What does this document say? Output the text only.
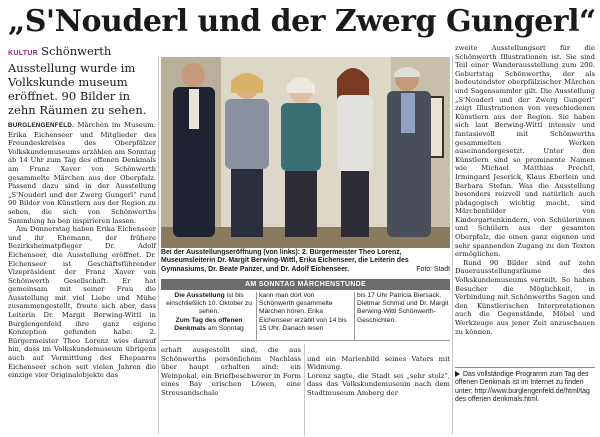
„S'Nouderl und der Zwerg Gungerl“
KULTUR Schönwerth Ausstellung wurde im Volkskunde museum eröffnet. 90 Bilder in zehn Räumen zu sehen.

BURGLENGENFELD. Märchen im Museum: Erika Eichenseer und Mitglieder des Freundeskreises des Oberpfälzer Volkskundemuseums erzählen am Sonntag ab 14 Uhr zum Tag des offenen Denkmals am Franz Xaver von Schönwerth gesammelte Märchen aus der Oberpfalz. Passend dazu sind in der Ausstellung „S'Nouderl und der Zwerg Gungerl“ rund 90 Bilder von Künstlern aus der Region zu sehen, die sich von Schönwerths Sammlung ha ben inspirieren lassen.

Am Donnerstag haben Erika Eichenseer und ihr Ehemann, der frühere Bezirksheimatpfleger Dr. Adolf Eichenseer, die Ausstellung eröffnet. Dr. Eichenseer ist Geschäftsführender Vizepräsident der Franz Xaver von Schönwerth Gesellschaft. Er hat gemeinsam mit seiner Frau die Ausstellung mit viel Liebe und Mühe zusammengestellt, freute sich aber, dass Leiterin Dr. Margit Berwing-Wittl in Burglengenfeld ihre ganz eigene Konzeption gefunden habe. 2. Bürgermeister Theo Lorenz wies darauf hin, dass im Volkskundemuseum übrigens auch auf Vermittlung des Ehepaares Eichenseer schon seit vielen Jahren die einzige vier Originalobjekte das

Bei der Ausstellungseröffnung (von links): 2. Bürgermeister Theo Lorenz, Museumsleiterin Dr. Margit Berwing-Wittl, Erika Eichenseer, die Leiterin des Gymnasiums, Dr. Beate Panzer, und Dr. Adolf Eichenseer.	Foto: Stadt
AM SONNTAG MÄRCHENSTUNDE
Die Ausstellung ist bis einschließlich 10. Oktober zu sehen.
Zum Tag des offenen Denkmals am Sonntag
kann man dort von Schönwerth gesammelte Märchen hören. Erika Eichenseer erzählt von 14 bis 15 Uhr. Danach lesen
bis 17 Uhr Patricia Biersack, Dietmar Schmid und Dr. Margit Berwing-Wittl Schönwerth-Geschichten.

erhaft ausgestellt sind, die aus Schönwerths persönlichem Nachlass über haupt erhalten sind: ein Weinpokal, ein Briefbeschwerer in Form eines Bay erischen Löwen, eine Streusandschale

und ein Marienbild seines Vaters mit Widmung.
Lorenz sagte, die Stadt sei „sehr stolz“, dass das Volkskundemuseum nach dem Stadtmuseum Amberg der

zweite Ausstellungsort für die Schönwerth Illustrationen ist. Sie sind Teil einer Wanderausstellung zum 200. Geburtstag Schönwerths, der als bedeutendster oberpfälzischer Märchen und Sagensammler gilt. Die Ausstellung „S'Nouderl und der Zwerg Gungerl“ zeigt Illustrationen von verschiedenen Künstlern aus der Region. Sie haben sich laut Berwing-Wittl intensiv und fantasievoll mit Schönwerths gesammelten Werken auseinandergesetzt. Unter den Künstlern sind so prominente Namen wie Michael Matthias Prechtl, Irmingard Jeserick, Klaus Eberlein und Barbara Stefan. Was die Ausstellung besonders reizvoll und natürlich auch pädagogisch wichtig macht, sind Märchenbilder von Kindergartenkindern, von Schülerinnen und Schülern aus der gesamten Oberpfalz, die einen ganz eigenen und sehr spannenden Zugang zu den Texten ermöglichen.

Rund 90 Bilder sind auf zehn Dauerausstellungsräume des Volkskundemuseums verteilt. So haben Besucher die Möglichkeit, in Verbindung mit Schönwerths Sagen und den Künstlerischen Interpretationen auch die Gegenstände, Möbel und Werkzeuge aus jener Zeit anzuschauen zu können.

Das vollständige Programm zum Tag des offenen Denkmals ist im Internet zu finden unter: http://www.burglengenfeld.de/html/tag des offenen denkmals.html.
